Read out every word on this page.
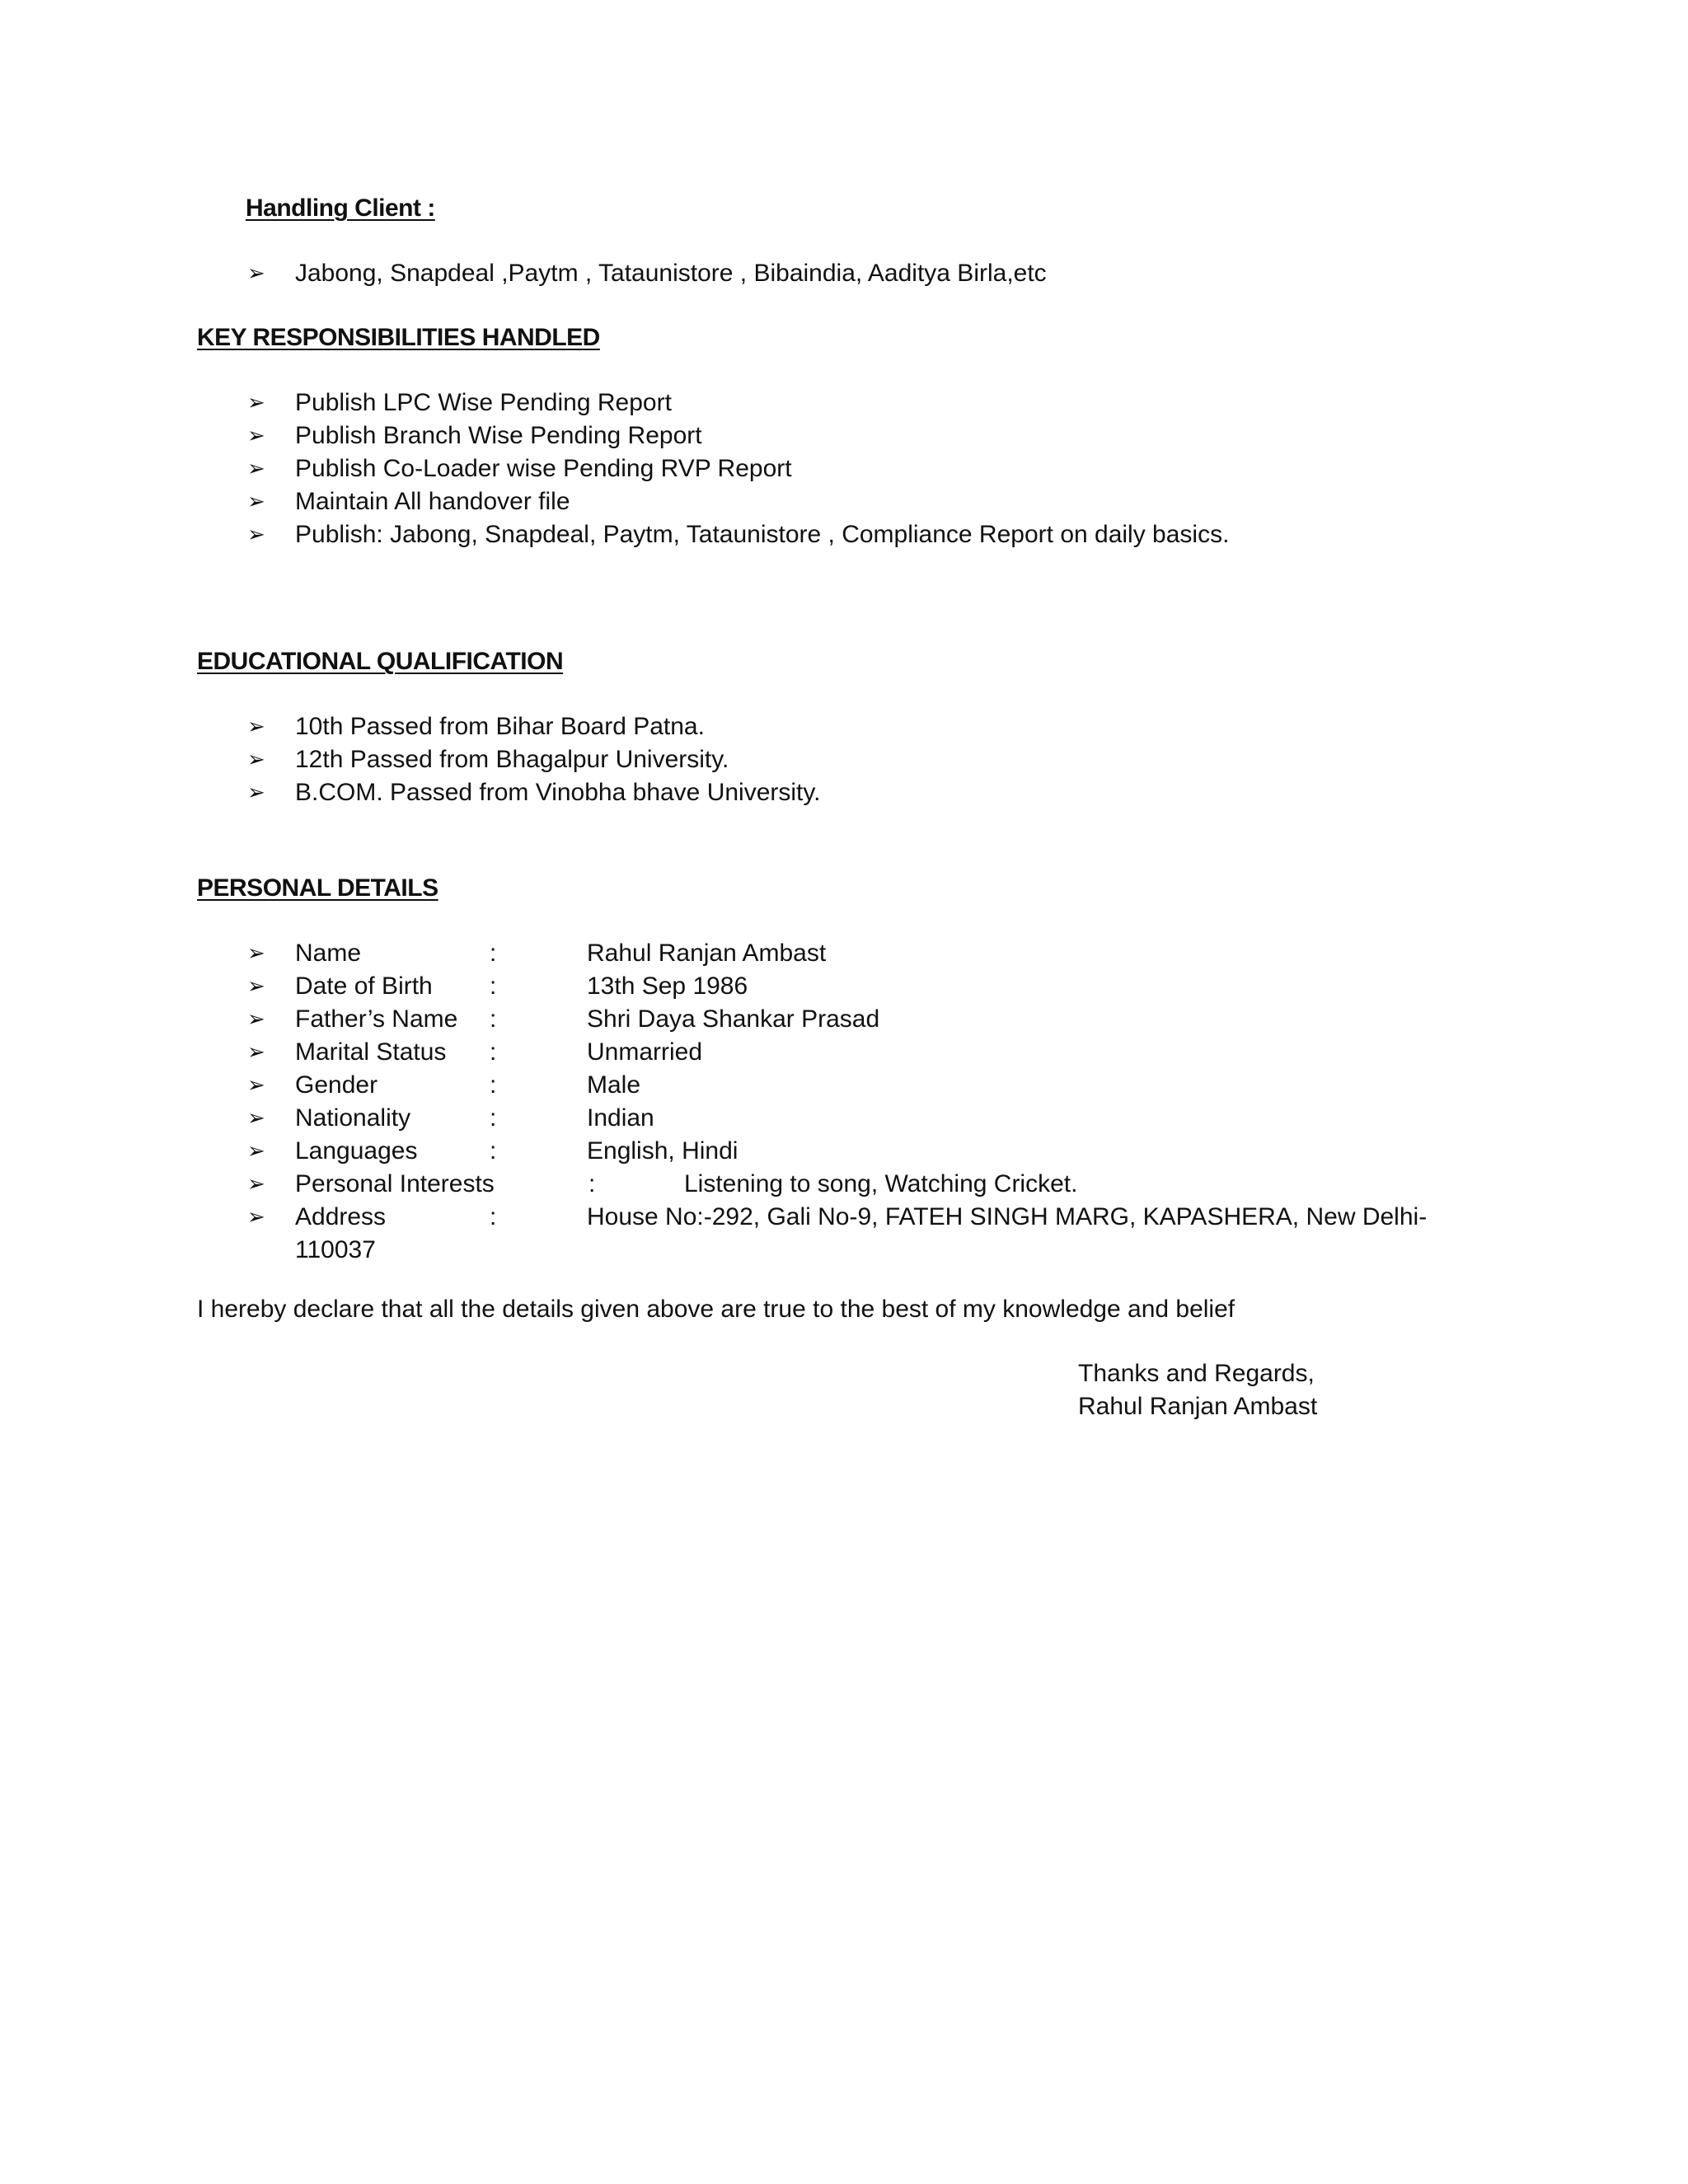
Handling Client :
➢ Jabong, Snapdeal ,Paytm , Tataunistore , Bibaindia, Aaditya Birla,etc
KEY RESPONSIBILITIES HANDLED
➢ Publish LPC Wise Pending Report
➢ Publish Branch Wise Pending Report
➢ Publish Co-Loader wise Pending RVP Report
➢ Maintain All handover file
➢ Publish: Jabong, Snapdeal, Paytm, Tataunistore , Compliance Report on daily basics.
EDUCATIONAL QUALIFICATION
➢ 10th Passed from Bihar Board Patna.
➢ 12th Passed from Bhagalpur University.
➢ B.COM. Passed from Vinobha bhave University.
PERSONAL DETAILS
➢ Name	:	Rahul Ranjan Ambast
➢ Date of Birth :	13th Sep 1986
➢ Father’s Name :	Shri Daya Shankar Prasad
➢ Marital Status :	Unmarried
➢ Gender	:	Male
➢ Nationality	:	Indian
➢ Languages	:	English, Hindi
➢ Personal Interests	:	Listening to song, Watching Cricket.
➢ Address	:	House No:-292, Gali No-9, FATEH SINGH MARG, KAPASHERA, New Delhi-
110037
I hereby declare that all the details given above are true to the best of my knowledge and belief
Thanks and Regards,
Rahul Ranjan Ambast
